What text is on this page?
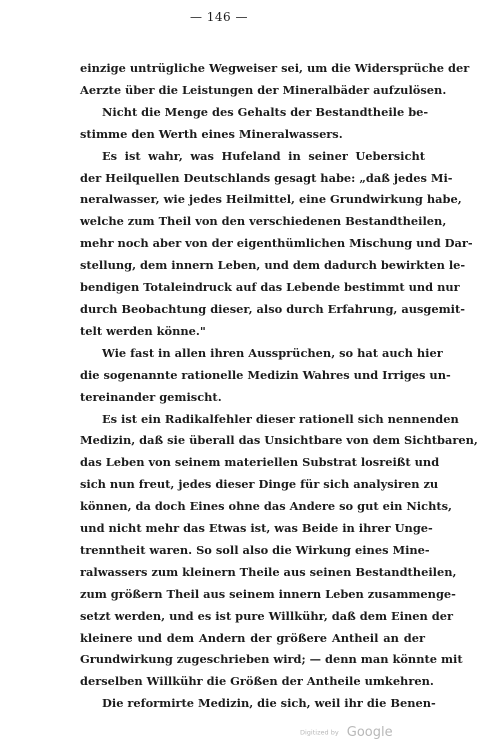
— 146 —
einzige untrügliche Wegweiser sei, um die Widersprüche der
Aerzte über die Leistungen der Mineralbäder aufzulösen.
Nicht die Menge des Gehalts der Bestandtheile be-
stimme den Werth eines Mineralwassers.
Es ist wahr, was Hufeland in seiner Uebersicht
der Heilquellen Deutschlands gesagt habe: „daß jedes Mi-
neralwasser, wie jedes Heilmittel, eine Grundwirkung habe,
welche zum Theil von den verschiedenen Bestandtheilen,
mehr noch aber von der eigenthümlichen Mischung und Dar-
stellung, dem innern Leben, und dem dadurch bewirkten le-
bendigen Totaleindruck auf das Lebende bestimmt und nur
durch Beobachtung dieser, also durch Erfahrung, ausgemit-
telt werden könne."
Wie fast in allen ihren Aussprüchen, so hat auch hier
die sogenannte rationelle Medizin Wahres und Irriges un-
tereinander gemischt.
Es ist ein Radikalfehler dieser rationell sich nennenden
Medizin, daß sie überall das Unsichtbare von dem Sichtbaren,
das Leben von seinem materiellen Substrat losreißt und
sich nun freut, jedes dieser Dinge für sich analysiren zu
können, da doch Eines ohne das Andere so gut ein Nichts,
und nicht mehr das Etwas ist, was Beide in ihrer Unge-
trenntheit waren. So soll also die Wirkung eines Mine-
ralwassers zum kleinern Theile aus seinen Bestandtheilen,
zum größern Theil aus seinem innern Leben zusammenge-
setzt werden, und es ist pure Willkühr, daß dem Einen der
kleinere und dem Andern der größere Antheil an der
Grundwirkung zugeschrieben wird; — denn man könnte mit
derselben Willkühr die Größen der Antheile umkehren.
Die reformirte Medizin, die sich, weil ihr die Benen-
Digitized by Google
